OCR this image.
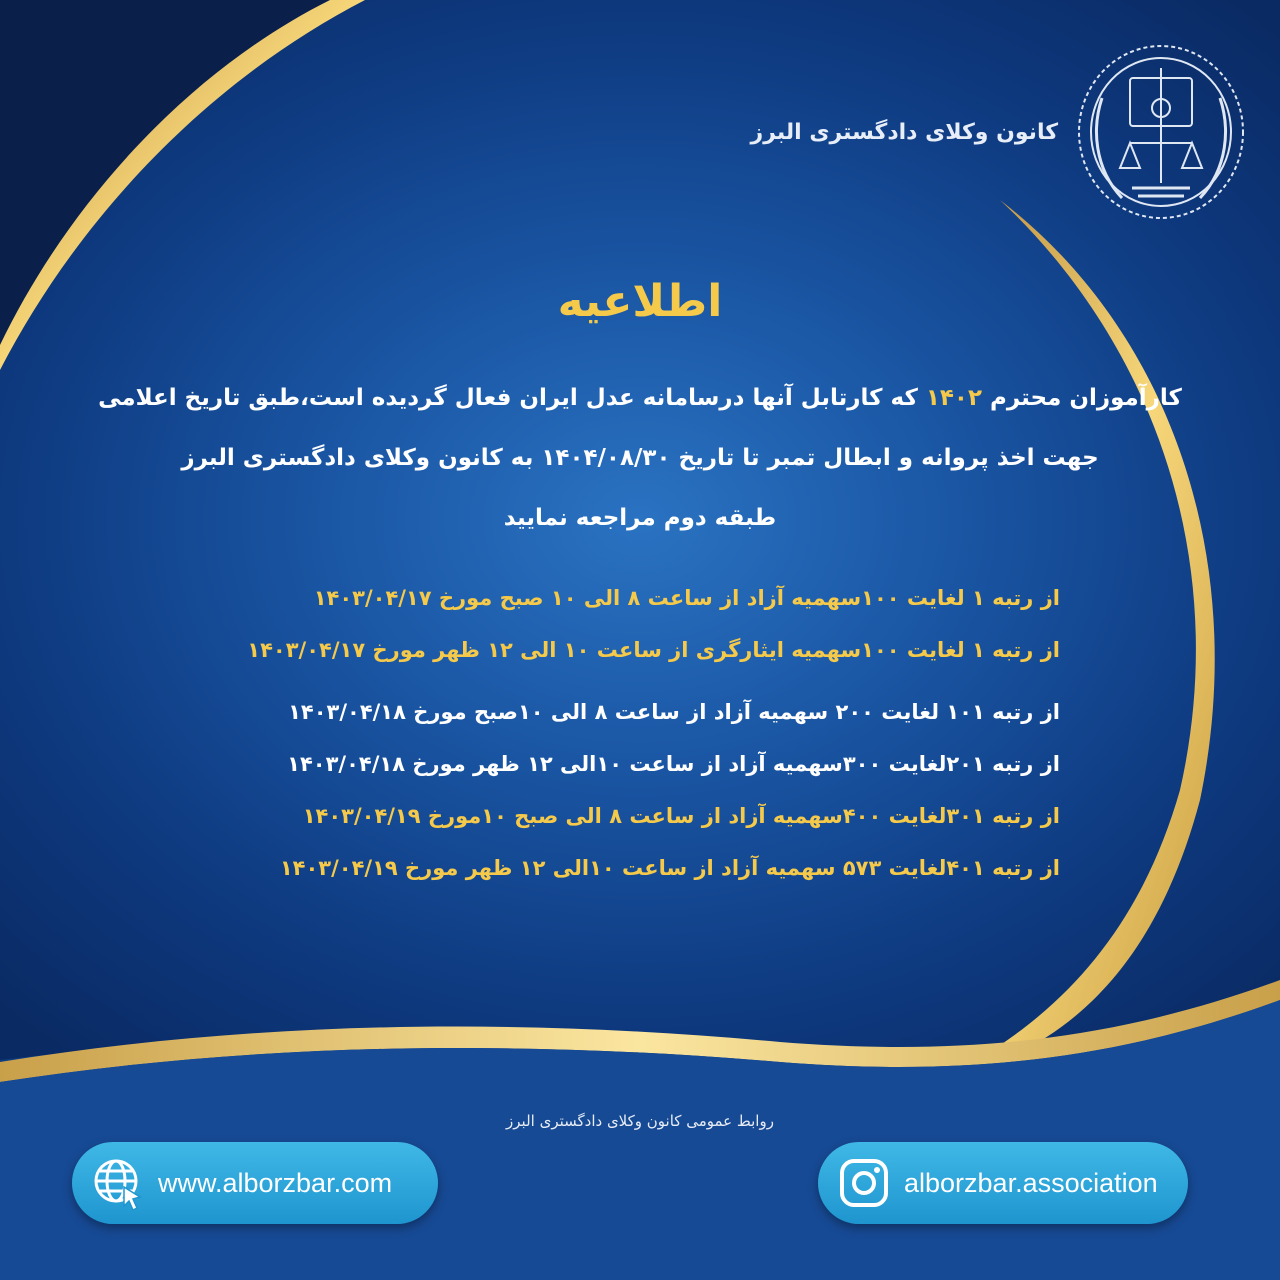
کانون وکلای دادگستری البرز
اطلاعیه
کارآموزان محترم ۱۴۰۲ که کارتابل آنها درسامانه عدل ایران فعال گردیده است،طبق تاریخ اعلامی
جهت اخذ پروانه و ابطال تمبر تا تاریخ ۱۴۰۴/۰۸/۳۰ به کانون وکلای دادگستری البرز
طبقه دوم مراجعه نمایید
از رتبه ۱ لغایت ۱۰۰سهمیه آزاد از ساعت ۸ الی ۱۰ صبح مورخ ۱۴۰۳/۰۴/۱۷
از رتبه ۱ لغایت ۱۰۰سهمیه ایثارگری از ساعت ۱۰ الی ۱۲ ظهر مورخ ۱۴۰۳/۰۴/۱۷
از رتبه ۱۰۱ لغایت ۲۰۰ سهمیه آزاد از ساعت ۸ الی ۱۰صبح مورخ ۱۴۰۳/۰۴/۱۸
از رتبه ۲۰۱لغایت ۳۰۰سهمیه آزاد از ساعت ۱۰الی ۱۲ ظهر مورخ ۱۴۰۳/۰۴/۱۸
از رتبه ۳۰۱لغایت ۴۰۰سهمیه آزاد از ساعت ۸ الی صبح ۱۰مورخ ۱۴۰۳/۰۴/۱۹
از رتبه ۴۰۱لغایت ۵۷۳ سهمیه آزاد از ساعت ۱۰الی ۱۲ ظهر مورخ ۱۴۰۳/۰۴/۱۹
روابط عمومی کانون وکلای دادگستری البرز
www.alborzbar.com	alborzbar.association
